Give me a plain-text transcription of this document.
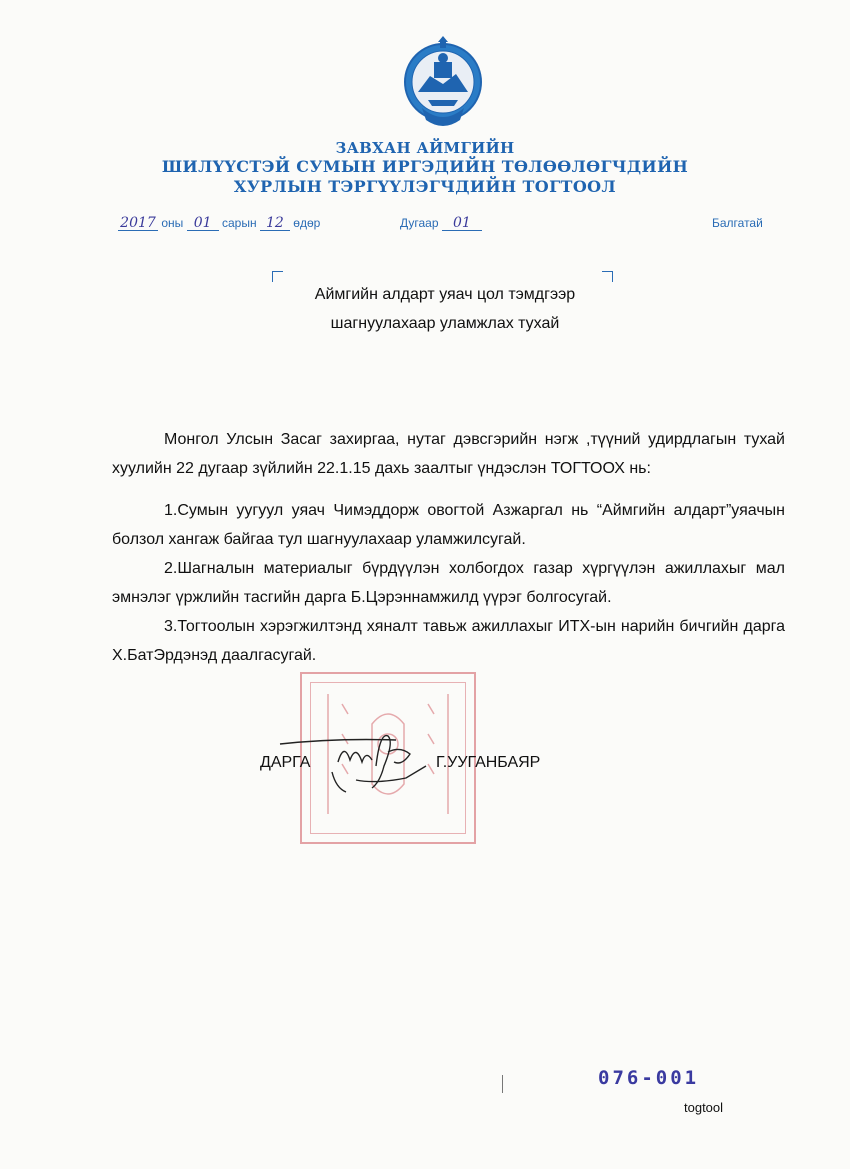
ЗАВХАН АЙМГИЙН
ШИЛҮҮСТЭЙ СУМЫН ИРГЭДИЙН ТӨЛӨӨЛӨГЧДИЙН
ХУРЛЫН ТЭРГҮҮЛЭГЧДИЙН ТОГТООЛ
2017 оны 01 сарын 12 өдөр	Дугаар 01	Балгатай
Аймгийн алдарт уяач цол тэмдгээр
шагнуулахаар уламжлах тухай

Монгол Улсын Засаг захиргаа, нутаг дэвсгэрийн нэгж ,түүний удирдлагын тухай хуулийн 22 дугаар зүйлийн 22.1.15 дахь заалтыг үндэслэн ТОГТООХ нь:

1.Сумын уугуул уяач Чимэддорж овогтой Азжаргал нь “Аймгийн алдарт”уяачын болзол хангаж байгаа тул шагнуулахаар уламжилсугай.

2.Шагналын материалыг бүрдүүлэн холбогдох газар хүргүүлэн ажиллахыг мал эмнэлэг үржлийн тасгийн дарга Б.Цэрэннамжилд үүрэг болгосугай.

3.Тогтоолын хэрэгжилтэнд хяналт тавьж ажиллахыг ИТХ-ын нарийн бичгийн дарга Х.БатЭрдэнэд даалгасугай.

ДАРГА	Г.УУГАНБАЯР
076-001
togtool
